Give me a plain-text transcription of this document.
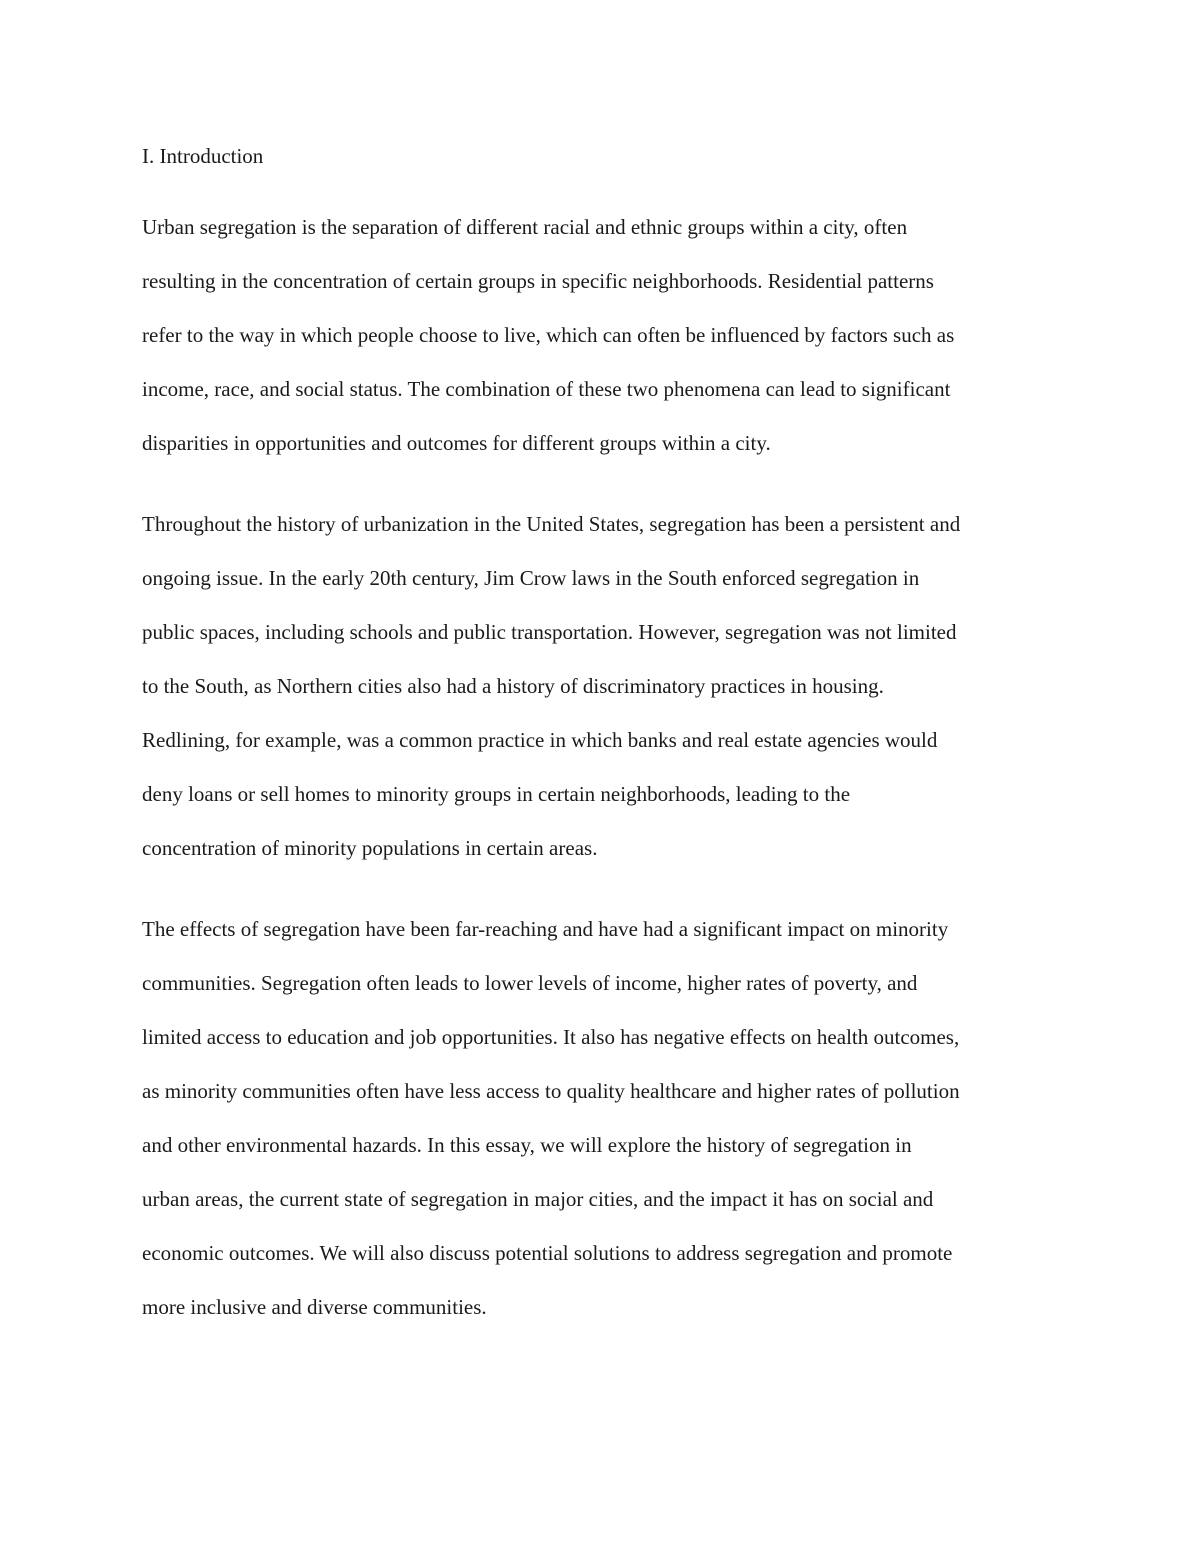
I. Introduction

Urban segregation is the separation of different racial and ethnic groups within a city, often
resulting in the concentration of certain groups in specific neighborhoods. Residential patterns
refer to the way in which people choose to live, which can often be influenced by factors such as
income, race, and social status. The combination of these two phenomena can lead to significant
disparities in opportunities and outcomes for different groups within a city.

Throughout the history of urbanization in the United States, segregation has been a persistent and
ongoing issue. In the early 20th century, Jim Crow laws in the South enforced segregation in
public spaces, including schools and public transportation. However, segregation was not limited
to the South, as Northern cities also had a history of discriminatory practices in housing.
Redlining, for example, was a common practice in which banks and real estate agencies would
deny loans or sell homes to minority groups in certain neighborhoods, leading to the
concentration of minority populations in certain areas.

The effects of segregation have been far-reaching and have had a significant impact on minority
communities. Segregation often leads to lower levels of income, higher rates of poverty, and
limited access to education and job opportunities. It also has negative effects on health outcomes,
as minority communities often have less access to quality healthcare and higher rates of pollution
and other environmental hazards. In this essay, we will explore the history of segregation in
urban areas, the current state of segregation in major cities, and the impact it has on social and
economic outcomes. We will also discuss potential solutions to address segregation and promote
more inclusive and diverse communities.
